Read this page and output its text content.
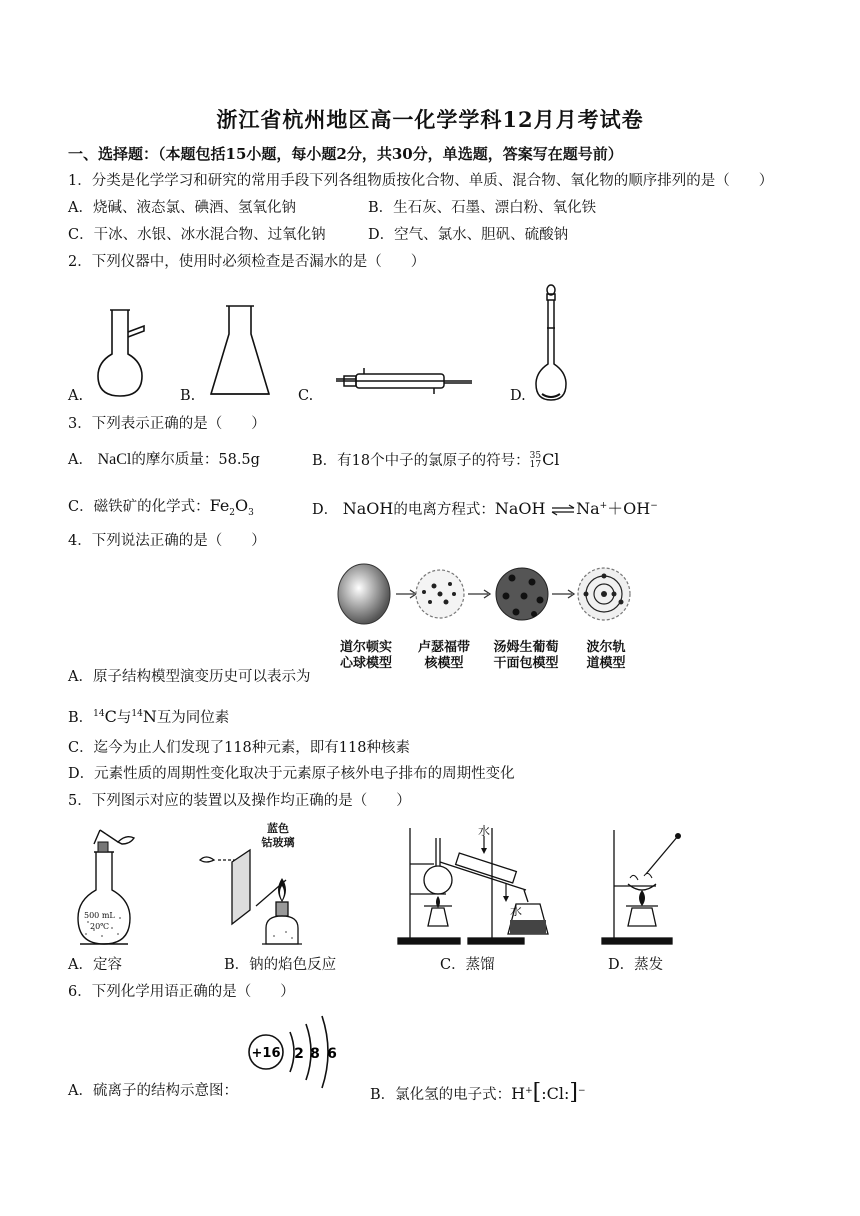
浙江省杭州地区高一化学学科12月月考试卷
一、选择题：（本题包括15小题，每小题2分，共30分，单选题，答案写在题号前）
1．分类是化学学习和研究的常用手段下列各组物质按化合物、单质、混合物、氧化物的顺序排列的是（　　）
A．烧碱、液态氯、碘酒、氢氧化钠	B．生石灰、石墨、漂白粉、氧化铁
C．干冰、水银、冰水混合物、过氧化钠	D．空气、氯水、胆矾、硫酸钠
2．下列仪器中，使用时必须检查是否漏水的是（　　）
A.	B.	C.	D.
3．下列表示正确的是（　　）
A． NaCl的摩尔质量：58.5g	B．有18个中子的氯原子的符号：35
17Cl
C．磁铁矿的化学式：$Fe_2O_3$	D． NaOH的电离方程式：NaOH ⇌Na+＋OH−
4．下列说法正确的是（　　）
道尔顿实
心球模型
卢瑟福带
核模型
汤姆生葡萄
干面包模型
波尔轨
道模型
A．原子结构模型演变历史可以表示为
B．$^{14}$C与$^{14}$N互为同位素
C．迄今为止人们发现了118种元素，即有118种核素
D．元素性质的周期性变化取决于元素原子核外电子排布的周期性变化
5．下列图示对应的装置以及操作均正确的是（　　）
500 mL
20℃
A．定容
蓝色
钴玻璃
B．钠的焰色反应
水
水
C．蒸馏	D．蒸发
6．下列化学用语正确的是（　　）
+16 2 8 6
A．硫离子的结构示意图：	B．氯化氢的电子式：H+[:Cl:]−
